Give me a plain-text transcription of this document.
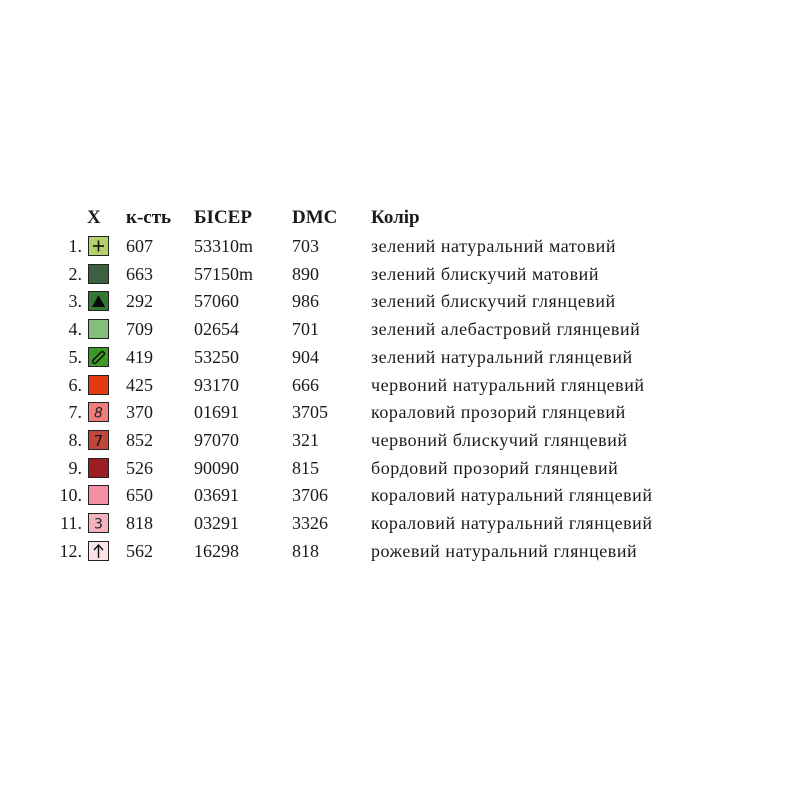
Х к-сть БІСЕР DMC Колір
1. 607 53310m 703	зелений натуральний матовий
2. 663 57150m 890	зелений блискучий матовий
3. 292 57060	986	зелений блискучий глянцевий
4. 709 02654	701	зелений алебастровий глянцевий
5. 419 53250	904	зелений натуральний глянцевий
6. 425 93170	666	червоний натуральний глянцевий
7. 8 370 01691	3705 кораловий прозорий глянцевий
8. 7 852 97070	321	червоний блискучий глянцевий
9. 526 90090	815	бордовий прозорий глянцевий
10. 650 03691	3706 кораловий натуральний глянцевий
11. 3 818 03291	3326 кораловий натуральний глянцевий
12. 562 16298	818	рожевий натуральний глянцевий
